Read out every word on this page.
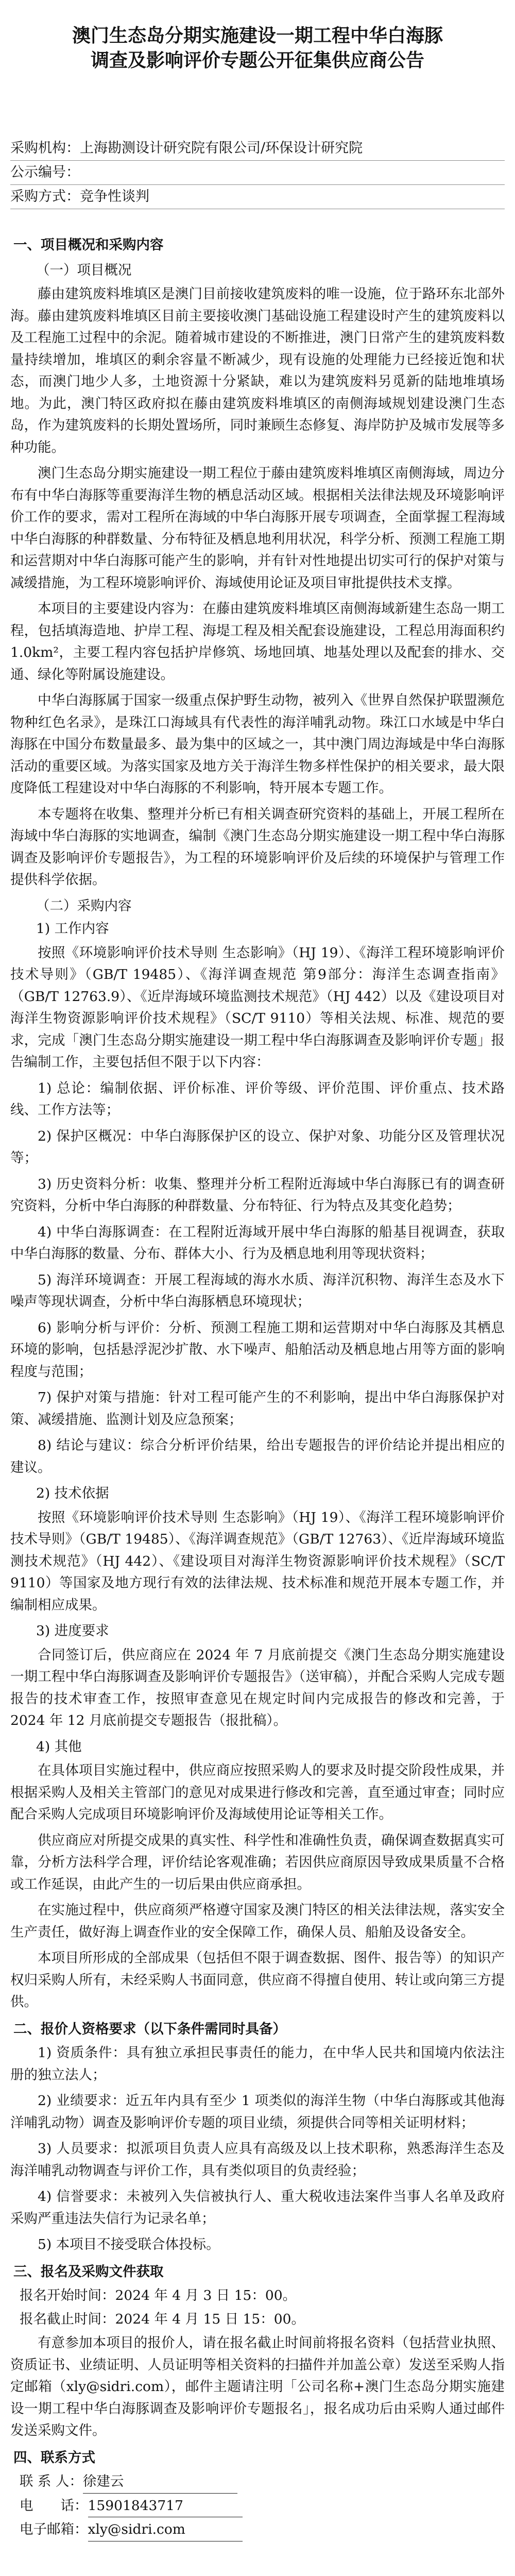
澳门生态岛分期实施建设一期工程中华白海豚
调查及影响评价专题公开征集供应商公告
采购机构：上海勘测设计研究院有限公司/环保设计研究院
公示编号：
采购方式：竞争性谈判
一、项目概况和采购内容
（一）项目概况
藤由建筑废料堆填区是澳门目前接收建筑废料的唯一设施，位于路环东北部外海。藤由建筑废料堆填区目前主要接收澳门基础设施工程建设时产生的建筑废料以及工程施工过程中的余泥。随着城市建设的不断推进，澳门日常产生的建筑废料数量持续增加，堆填区的剩余容量不断减少，现有设施的处理能力已经接近饱和状态，而澳门地少人多，土地资源十分紧缺，难以为建筑废料另觅新的陆地堆填场地。为此，澳门特区政府拟在藤由建筑废料堆填区的南侧海域规划建设澳门生态岛，作为建筑废料的长期处置场所，同时兼顾生态修复、海岸防护及城市发展等多种功能。
澳门生态岛分期实施建设一期工程位于藤由建筑废料堆填区南侧海域，周边分布有中华白海豚等重要海洋生物的栖息活动区域。根据相关法律法规及环境影响评价工作的要求，需对工程所在海域的中华白海豚开展专项调查，全面掌握工程海域中华白海豚的种群数量、分布特征及栖息地利用状况，科学分析、预测工程施工期和运营期对中华白海豚可能产生的影响，并有针对性地提出切实可行的保护对策与减缓措施，为工程环境影响评价、海域使用论证及项目审批提供技术支撑。
本项目的主要建设内容为：在藤由建筑废料堆填区南侧海域新建生态岛一期工程，包括填海造地、护岸工程、海堤工程及相关配套设施建设，工程总用海面积约 1.0km²，主要工程内容包括护岸修筑、场地回填、地基处理以及配套的排水、交通、绿化等附属设施建设。
中华白海豚属于国家一级重点保护野生动物，被列入《世界自然保护联盟濒危物种红色名录》，是珠江口海域具有代表性的海洋哺乳动物。珠江口水域是中华白海豚在中国分布数量最多、最为集中的区域之一，其中澳门周边海域是中华白海豚活动的重要区域。为落实国家及地方关于海洋生物多样性保护的相关要求，最大限度降低工程建设对中华白海豚的不利影响，特开展本专题工作。
本专题将在收集、整理并分析已有相关调查研究资料的基础上，开展工程所在海域中华白海豚的实地调查，编制《澳门生态岛分期实施建设一期工程中华白海豚调查及影响评价专题报告》，为工程的环境影响评价及后续的环境保护与管理工作提供科学依据。
（二）采购内容
1) 工作内容
按照《环境影响评价技术导则 生态影响》（HJ 19）、《海洋工程环境影响评价技术导则》（GB/T 19485）、《海洋调查规范 第9部分：海洋生态调查指南》（GB/T 12763.9）、《近岸海域环境监测技术规范》（HJ 442）以及《建设项目对海洋生物资源影响评价技术规程》（SC/T 9110）等相关法规、标准、规范的要求，完成「澳门生态岛分期实施建设一期工程中华白海豚调查及影响评价专题」报告编制工作，主要包括但不限于以下内容：
1) 总论：编制依据、评价标准、评价等级、评价范围、评价重点、技术路线、工作方法等；
2) 保护区概况：中华白海豚保护区的设立、保护对象、功能分区及管理状况等；
3) 历史资料分析：收集、整理并分析工程附近海域中华白海豚已有的调查研究资料，分析中华白海豚的种群数量、分布特征、行为特点及其变化趋势；
4) 中华白海豚调查：在工程附近海域开展中华白海豚的船基目视调查，获取中华白海豚的数量、分布、群体大小、行为及栖息地利用等现状资料；
5) 海洋环境调查：开展工程海域的海水水质、海洋沉积物、海洋生态及水下噪声等现状调查，分析中华白海豚栖息环境现状；
6) 影响分析与评价：分析、预测工程施工期和运营期对中华白海豚及其栖息环境的影响，包括悬浮泥沙扩散、水下噪声、船舶活动及栖息地占用等方面的影响程度与范围；
7) 保护对策与措施：针对工程可能产生的不利影响，提出中华白海豚保护对策、减缓措施、监测计划及应急预案；
8) 结论与建议：综合分析评价结果，给出专题报告的评价结论并提出相应的建议。
2) 技术依据
按照《环境影响评价技术导则 生态影响》（HJ 19）、《海洋工程环境影响评价技术导则》（GB/T 19485）、《海洋调查规范》（GB/T 12763）、《近岸海域环境监测技术规范》（HJ 442）、《建设项目对海洋生物资源影响评价技术规程》（SC/T 9110）等国家及地方现行有效的法律法规、技术标准和规范开展本专题工作，并编制相应成果。
3) 进度要求
合同签订后，供应商应在 2024 年 7 月底前提交《澳门生态岛分期实施建设一期工程中华白海豚调查及影响评价专题报告》（送审稿），并配合采购人完成专题报告的技术审查工作，按照审查意见在规定时间内完成报告的修改和完善，于 2024 年 12 月底前提交专题报告（报批稿）。
4) 其他
在具体项目实施过程中，供应商应按照采购人的要求及时提交阶段性成果，并根据采购人及相关主管部门的意见对成果进行修改和完善，直至通过审查；同时应配合采购人完成项目环境影响评价及海域使用论证等相关工作。
供应商应对所提交成果的真实性、科学性和准确性负责，确保调查数据真实可靠，分析方法科学合理，评价结论客观准确；若因供应商原因导致成果质量不合格或工作延误，由此产生的一切后果由供应商承担。
在实施过程中，供应商须严格遵守国家及澳门特区的相关法律法规，落实安全生产责任，做好海上调查作业的安全保障工作，确保人员、船舶及设备安全。
本项目所形成的全部成果（包括但不限于调查数据、图件、报告等）的知识产权归采购人所有，未经采购人书面同意，供应商不得擅自使用、转让或向第三方提供。
二、报价人资格要求（以下条件需同时具备）
1) 资质条件：具有独立承担民事责任的能力，在中华人民共和国境内依法注册的独立法人；
2) 业绩要求：近五年内具有至少 1 项类似的海洋生物（中华白海豚或其他海洋哺乳动物）调查及影响评价专题的项目业绩，须提供合同等相关证明材料；
3) 人员要求：拟派项目负责人应具有高级及以上技术职称，熟悉海洋生态及海洋哺乳动物调查与评价工作，具有类似项目的负责经验；
4) 信誉要求：未被列入失信被执行人、重大税收违法案件当事人名单及政府采购严重违法失信行为记录名单；
5) 本项目不接受联合体投标。
三、报名及采购文件获取
报名开始时间：2024 年 4 月 3 日 15：00。
报名截止时间：2024 年 4 月 15 日 15：00。
有意参加本项目的报价人，请在报名截止时间前将报名资料（包括营业执照、资质证书、业绩证明、人员证明等相关资料的扫描件并加盖公章）发送至采购人指定邮箱（xly@sidri.com），邮件主题请注明「公司名称+澳门生态岛分期实施建设一期工程中华白海豚调查及影响评价专题报名」，报名成功后由采购人通过邮件发送采购文件。
四、联系方式
联 系 人：徐建云
电　　话：15901843717
电子邮箱：xly@sidri.com
